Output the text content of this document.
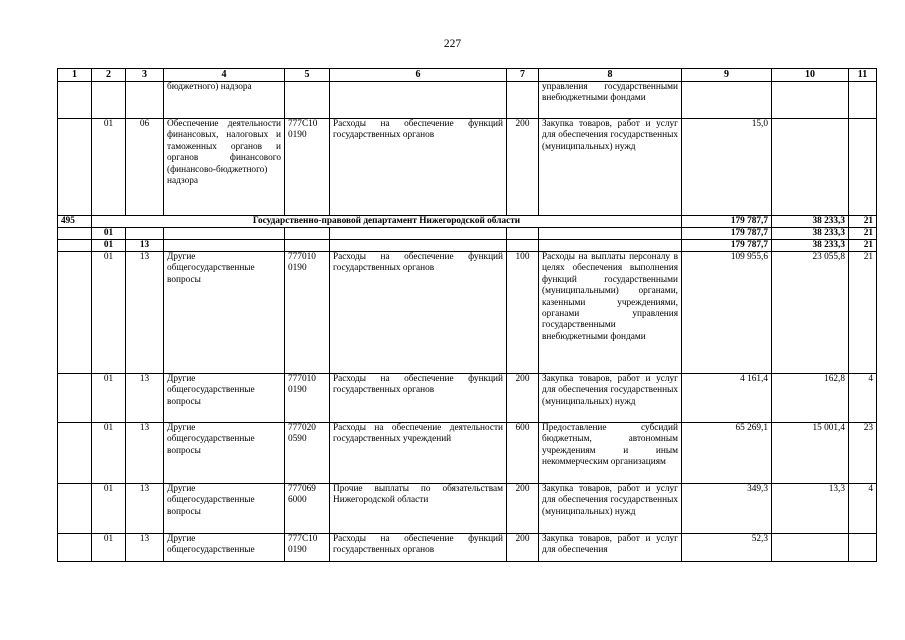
227
1	2	3	4	5	6	7	8	9	10	11
			бюджетного) надзора				управления государственными внебюджетными фондами			
	01	06	Обеспечение деятельности финансовых, налоговых и таможенных органов и органов финансового (финансово-бюджетного) надзора	777С10 0190	Расходы на обеспечение функций государственных органов	200	Закупка товаров, работ и услуг для обеспечения государственных (муниципальных) нужд	15,0		
495	Государственно-правовой департамент Нижегородской области							179 787,7	38 233,3	21
	01							179 787,7	38 233,3	21
	01	13						179 787,7	38 233,3	21
	01	13	Другие общегосударственные вопросы	777010 0190	Расходы на обеспечение функций государственных органов	100	Расходы на выплаты персоналу в целях обеспечения выполнения функций государственными (муниципальными) органами, казенными учреждениями, органами управления государственными внебюджетными фондами	109 955,6	23 055,8	21
	01	13	Другие общегосударственные вопросы	777010 0190	Расходы на обеспечение функций государственных органов	200	Закупка товаров, работ и услуг для обеспечения государственных (муниципальных) нужд	4 161,4	162,8	4
	01	13	Другие общегосударственные вопросы	777020 0590	Расходы на обеспечение деятельности государственных учреждений	600	Предоставление субсидий бюджетным, автономным учреждениям и иным некоммерческим организациям	65 269,1	15 001,4	23
	01	13	Другие общегосударственные вопросы	777069 6000	Прочие выплаты по обязательствам Нижегородской области	200	Закупка товаров, работ и услуг для обеспечения государственных (муниципальных) нужд	349,3	13,3	4
	01	13	Другие общегосударственные	777С10 0190	Расходы на обеспечение функций государственных органов	200	Закупка товаров, работ и услуг для обеспечения	52,3		
